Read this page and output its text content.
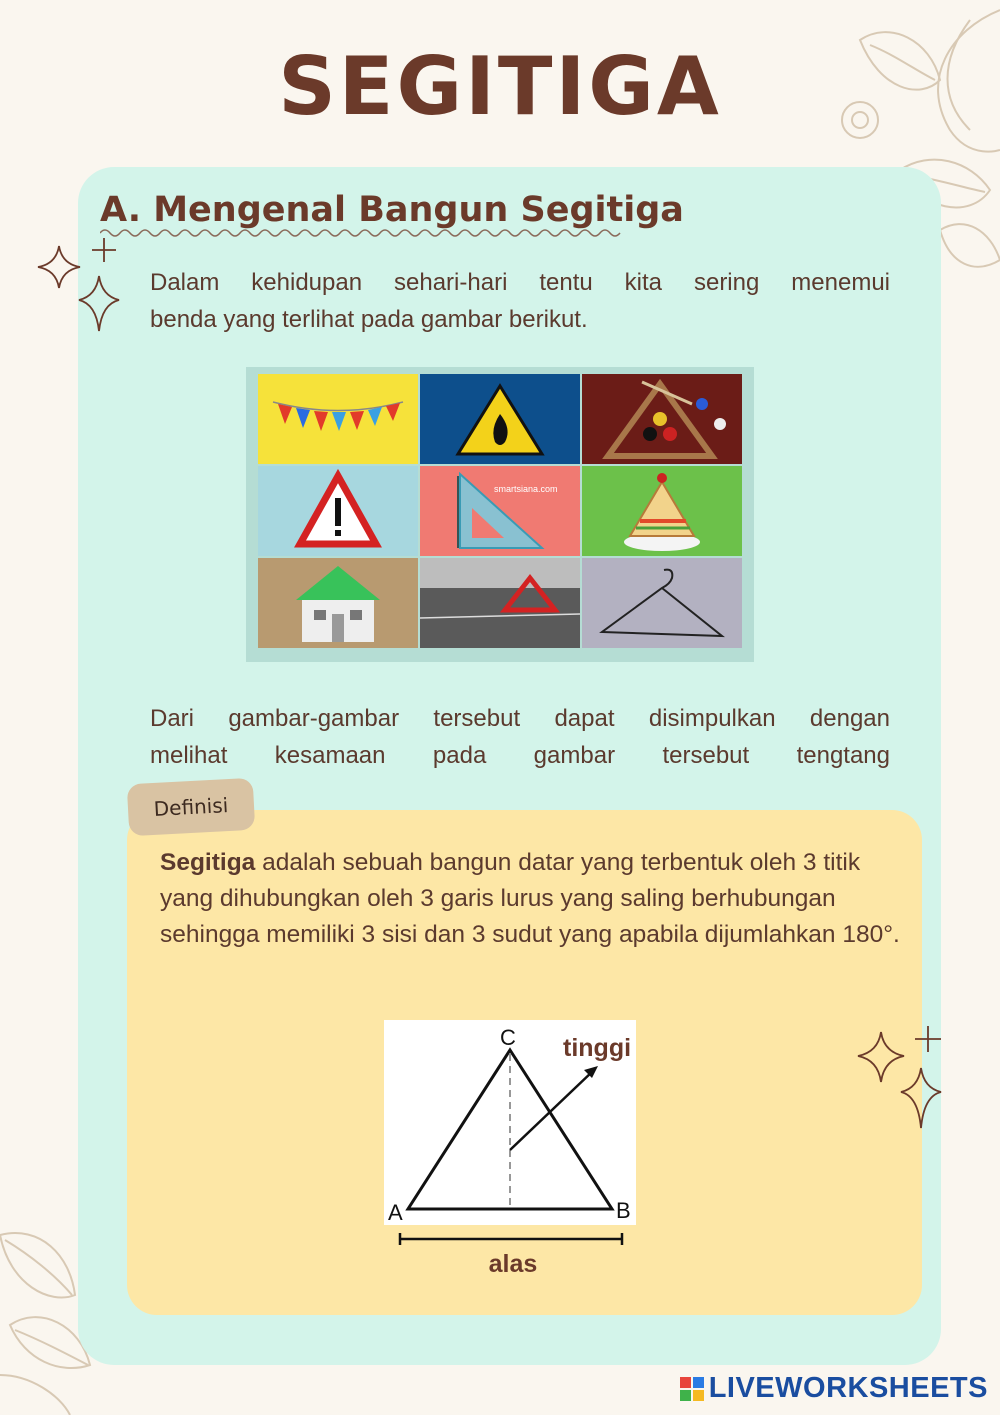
SEGITIGA
A. Mengenal Bangun Segitiga
Dalam kehidupan sehari-hari tentu kita sering menemui
benda yang terlihat pada gambar berikut.
smartsiana.com
Dari gambar-gambar tersebut dapat disimpulkan dengan
melihat kesamaan pada gambar tersebut tengtang
Definisi
Segitiga adalah sebuah bangun datar yang terbentuk oleh 3 titik yang dihubungkan oleh 3 garis lurus yang saling berhubungan sehingga memiliki 3 sisi dan 3 sudut yang apabila dijumlahkan 180°.
C
A	B
tinggi
alas
LIVEWORKSHEETS
